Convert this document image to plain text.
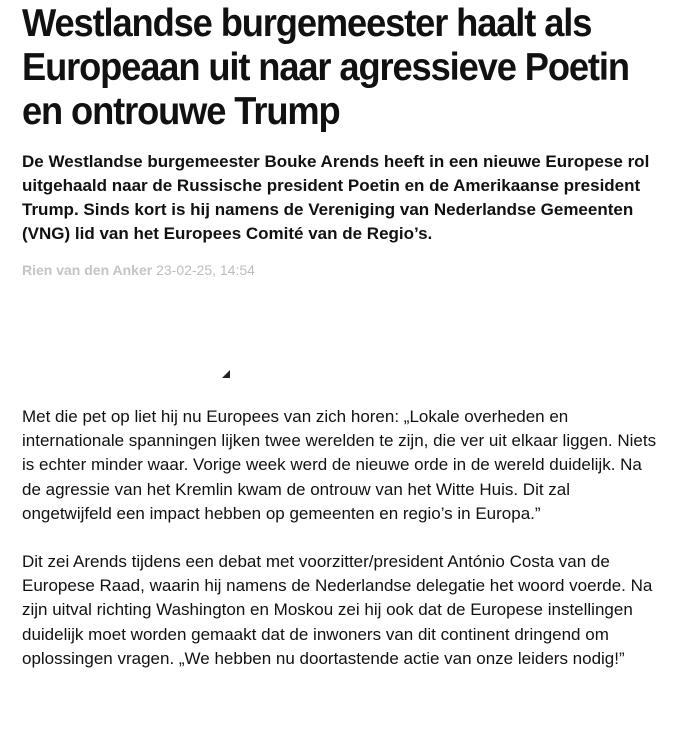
Westlandse burgemeester haalt als Europeaan uit naar agressieve Poetin en ontrouwe Trump

De Westlandse burgemeester Bouke Arends heeft in een nieuwe Europese rol uitgehaald naar de Russische president Poetin en de Amerikaanse president Trump. Sinds kort is hij namens de Vereniging van Nederlandse Gemeenten (VNG) lid van het Europees Comité van de Regio’s.

Rien van den Anker 23-02-25, 14:54

Met die pet op liet hij nu Europees van zich horen: „Lokale overheden en internationale spanningen lijken twee werelden te zijn, die ver uit elkaar liggen. Niets is echter minder waar. Vorige week werd de nieuwe orde in de wereld duidelijk. Na de agressie van het Kremlin kwam de ontrouw van het Witte Huis. Dit zal ongetwijfeld een impact hebben op gemeenten en regio’s in Europa.”

Dit zei Arends tijdens een debat met voorzitter/president António Costa van de Europese Raad, waarin hij namens de Nederlandse delegatie het woord voerde. Na zijn uitval richting Washington en Moskou zei hij ook dat de Europese instellingen duidelijk moet worden gemaakt dat de inwoners van dit continent dringend om oplossingen vragen. „We hebben nu doortastende actie van onze leiders nodig!”
